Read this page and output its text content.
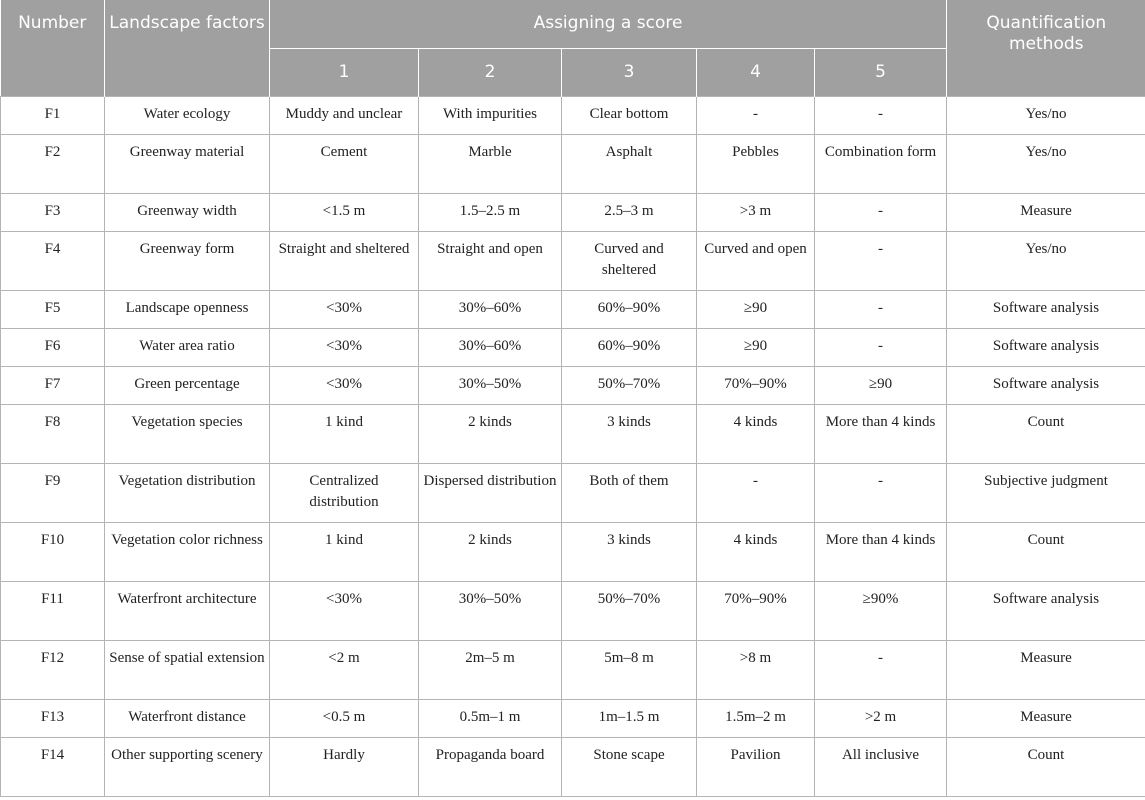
Number	Landscape factors	Assigning a score					Quantification methods
		1	2	3	4	5	
F1	Water ecology	Muddy and unclear	With impurities	Clear bottom	-	-	Yes/no
F2	Greenway material	Cement	Marble	Asphalt	Pebbles	Combination form	Yes/no
F3	Greenway width	<1.5 m	1.5–2.5 m	2.5–3 m	>3 m	-	Measure
F4	Greenway form	Straight and sheltered	Straight and open	Curved and sheltered	Curved and open	-	Yes/no
F5	Landscape openness	<30%	30%–60%	60%–90%	≥90	-	Software analysis
F6	Water area ratio	<30%	30%–60%	60%–90%	≥90	-	Software analysis
F7	Green percentage	<30%	30%–50%	50%–70%	70%–90%	≥90	Software analysis
F8	Vegetation species	1 kind	2 kinds	3 kinds	4 kinds	More than 4 kinds	Count
F9	Vegetation distribution	Centralized distribution	Dispersed distribution	Both of them	-	-	Subjective judgment
F10	Vegetation color richness	1 kind	2 kinds	3 kinds	4 kinds	More than 4 kinds	Count
F11	Waterfront architecture	<30%	30%–50%	50%–70%	70%–90%	≥90%	Software analysis
F12	Sense of spatial extension	<2 m	2m–5 m	5m–8 m	>8 m	-	Measure
F13	Waterfront distance	<0.5 m	0.5m–1 m	1m–1.5 m	1.5m–2 m	>2 m	Measure
F14	Other supporting scenery	Hardly	Propaganda board	Stone scape	Pavilion	All inclusive	Count
